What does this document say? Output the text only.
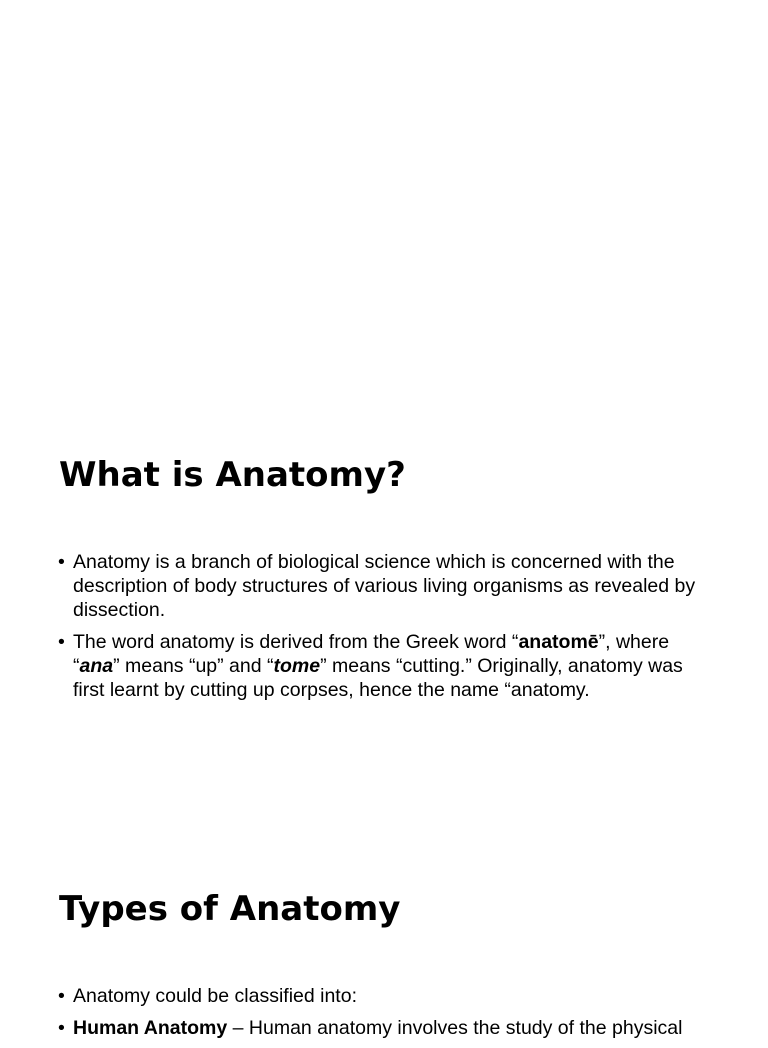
What is Anatomy?
• Anatomy is a branch of biological science which is concerned with the description of body structures of various living organisms as revealed by dissection.
• The word anatomy is derived from the Greek word “anatomē”, where “ana” means “up” and “tome” means “cutting.” Originally, anatomy was first learnt by cutting up corpses, hence the name “anatomy.
Types of Anatomy
• Anatomy could be classified into:
• Human Anatomy – Human anatomy involves the study of the physical
